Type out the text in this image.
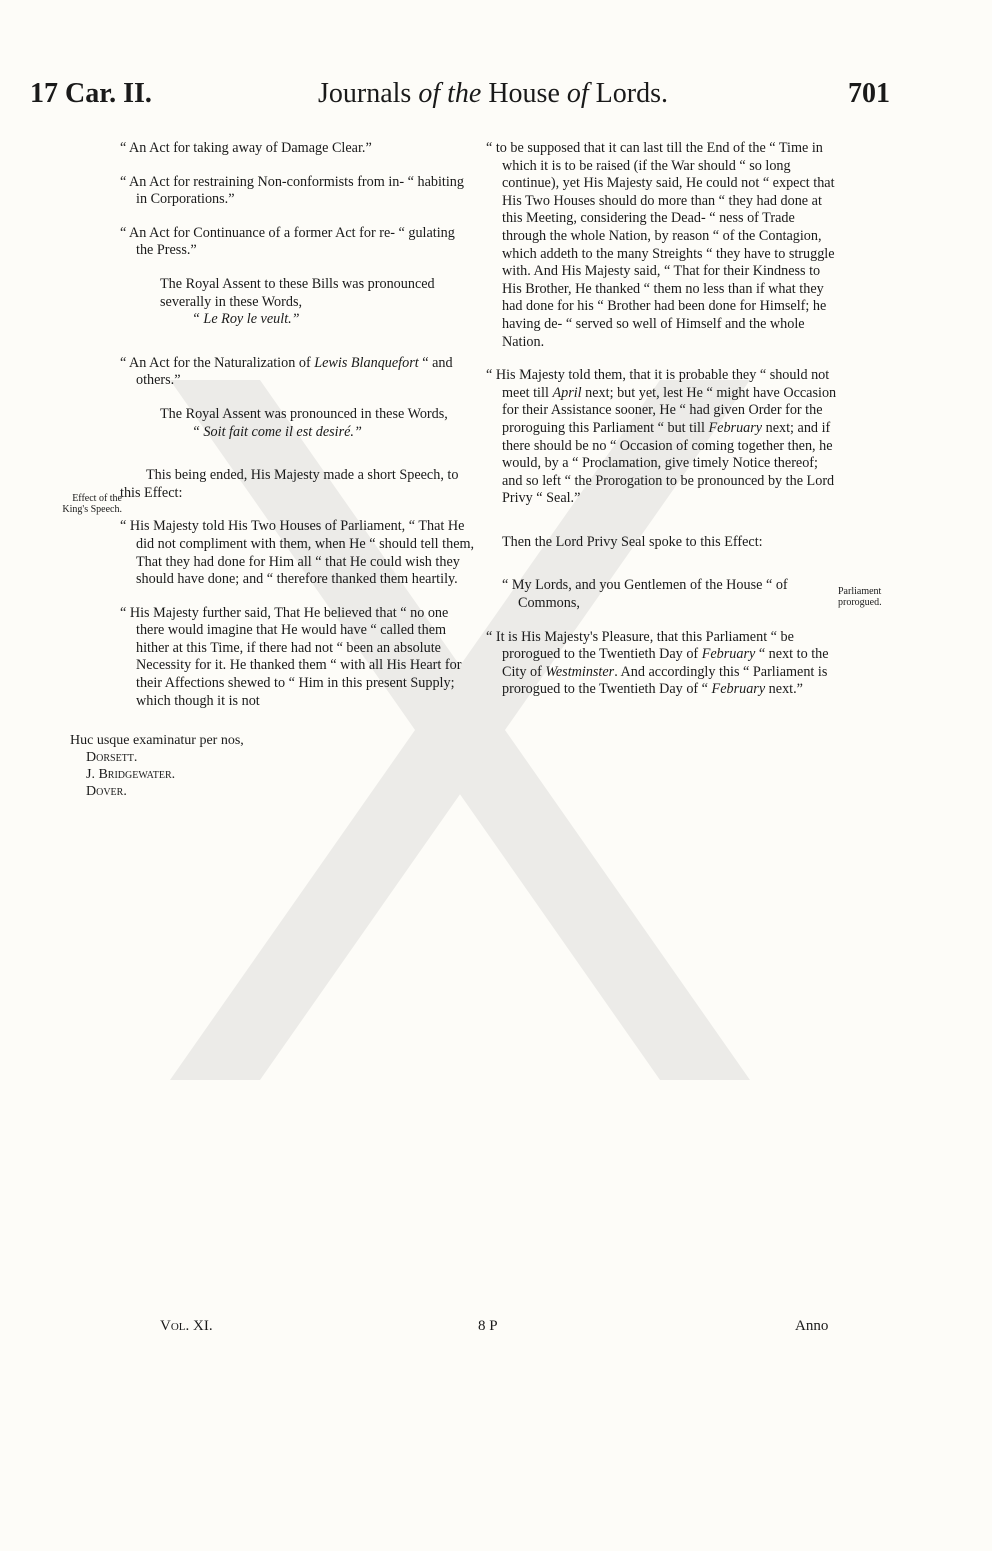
17 Car. II.	Journals of the House of Lords.	701

“ An Act for taking away of Damage Clear.”

“ An Act for restraining Non-conformists from in- “ habiting in Corporations.”

“ An Act for Continuance of a former Act for re- “ gulating the Press.”

The Royal Assent to these Bills was pronounced severally in these Words,

“ Le Roy le veult.”

“ An Act for the Naturalization of Lewis Blanquefort “ and others.”

The Royal Assent was pronounced in these Words,

“ Soit fait come il est desiré.”

This being ended, His Majesty made a short Speech, to this Effect:

“ His Majesty told His Two Houses of Parliament, “ That He did not compliment with them, when He “ should tell them, That they had done for Him all “ that He could wish they should have done; and “ therefore thanked them heartily.

“ His Majesty further said, That He believed that “ no one there would imagine that He would have “ called them hither at this Time, if there had not “ been an absolute Necessity for it. He thanked them “ with all His Heart for their Affections shewed to “ Him in this present Supply; which though it is not

Effect of the King's Speech.
Parliament prorogued.

“ to be supposed that it can last till the End of the “ Time in which it is to be raised (if the War should “ so long continue), yet His Majesty said, He could not “ expect that His Two Houses should do more than “ they had done at this Meeting, considering the Dead- “ ness of Trade through the whole Nation, by reason “ of the Contagion, which addeth to the many Streights “ they have to struggle with. And His Majesty said, “ That for their Kindness to His Brother, He thanked “ them no less than if what they had done for his “ Brother had been done for Himself; he having de- “ served so well of Himself and the whole Nation.

“ His Majesty told them, that it is probable they “ should not meet till April next; but yet, lest He “ might have Occasion for their Assistance sooner, He “ had given Order for the proroguing this Parliament “ but till February next; and if there should be no “ Occasion of coming together then, he would, by a “ Proclamation, give timely Notice thereof; and so left “ the Prorogation to be pronounced by the Lord Privy “ Seal.”

Then the Lord Privy Seal spoke to this Effect:

“ My Lords, and you Gentlemen of the House “ of Commons,

“ It is His Majesty's Pleasure, that this Parliament “ be prorogued to the Twentieth Day of February “ next to the City of Westminster. And accordingly this “ Parliament is prorogued to the Twentieth Day of “ February next.”

Huc usque examinatur per nos,

Dorsett.

J. Bridgewater.

Dover.

Vol. XI.	8 P	Anno
